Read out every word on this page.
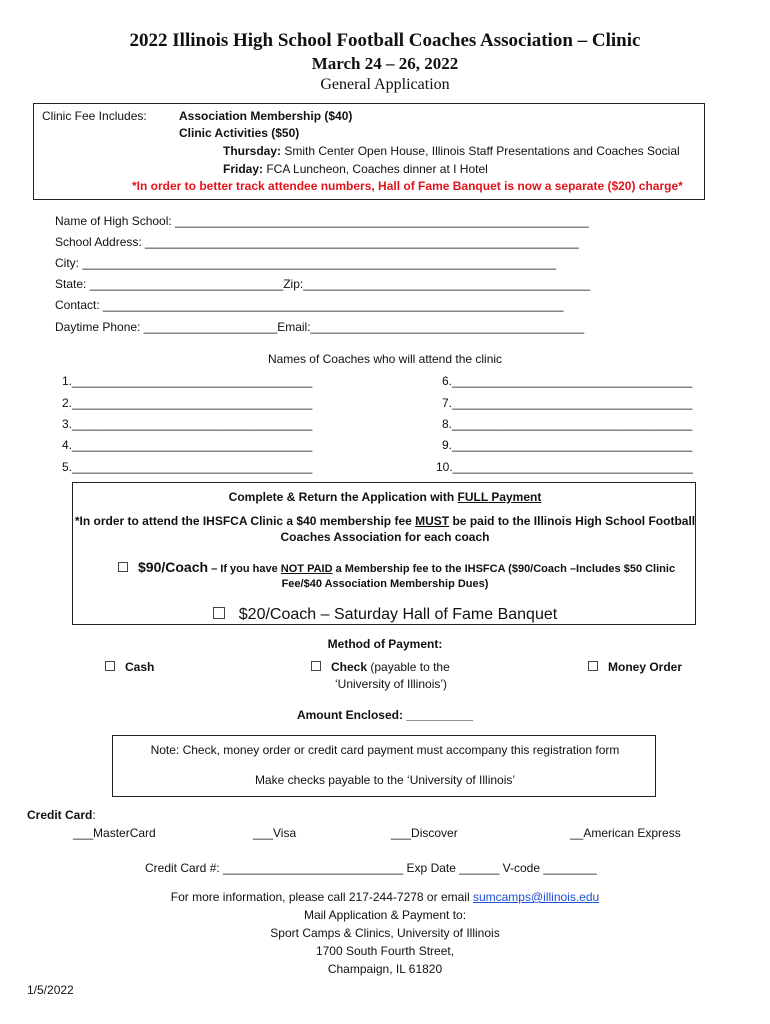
2022 Illinois High School Football Coaches Association – Clinic
March 24 – 26, 2022
General Application
Clinic Fee Includes:	Association Membership ($40)
Clinic Activities ($50)
Thursday: Smith Center Open House, Illinois Staff Presentations and Coaches Social
Friday: FCA Luncheon, Coaches dinner at I Hotel
*In order to better track attendee numbers, Hall of Fame Banquet is now a separate ($20) charge*
Name of High School: ______________________________________________________________
School Address: _________________________________________________________________
City: _______________________________________________________________________
State: _____________________________Zip:___________________________________________
Contact: _____________________________________________________________________
Daytime Phone: ____________________Email:_________________________________________
Names of Coaches who will attend the clinic
1.____________________________________
2.____________________________________
3.____________________________________
4.____________________________________
5.____________________________________
6.____________________________________
7.____________________________________
8.____________________________________
9.____________________________________
10.____________________________________
Complete & Return the Application with FULL Payment
*In order to attend the IHSFCA Clinic a $40 membership fee MUST be paid to the Illinois High School Football
Coaches Association for each coach
$90/Coach – If you have NOT PAID a Membership fee to the IHSFCA ($90/Coach –Includes $50 Clinic
Fee/$40 Association Membership Dues)
$20/Coach – Saturday Hall of Fame Banquet
Method of Payment:
Cash	Check (payable to the
‘University of Illinois’)
Money Order
Amount Enclosed: __________
Note: Check, money order or credit card payment must accompany this registration form
Make checks payable to the ‘University of Illinois’
Credit Card:
___MasterCard	___Visa	___Discover	__American Express
Credit Card #: ___________________________ Exp Date ______ V-code ________
For more information, please call 217-244-7278 or email sumcamps@illinois.edu
Mail Application & Payment to:
Sport Camps & Clinics, University of Illinois
1700 South Fourth Street,
Champaign, IL 61820
1/5/2022
